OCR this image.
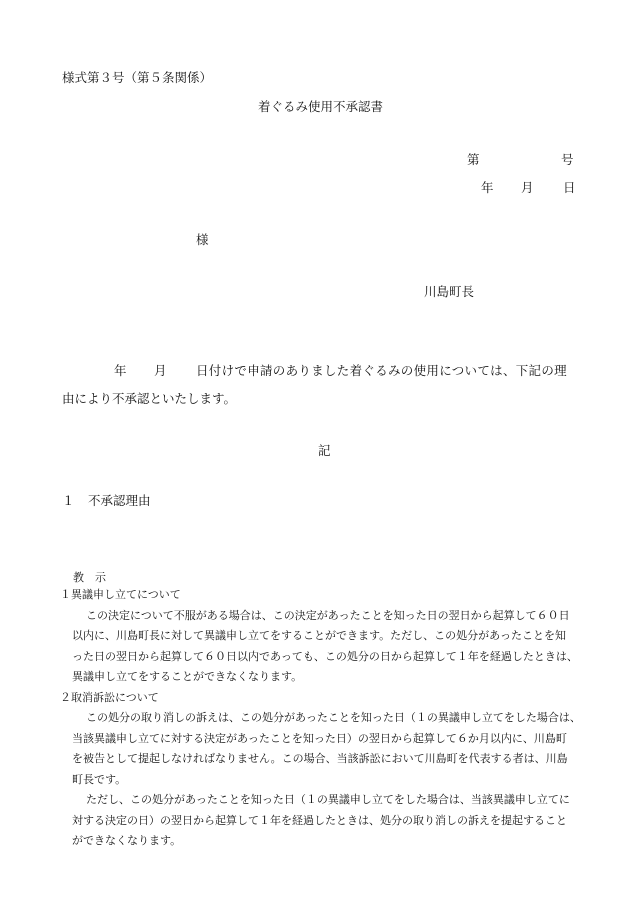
様式第３号（第５条関係）
着ぐるみ使用不承認書
第	号
年 月 日
様
川島町長
年 月 日付けで申請のありました着ぐるみの使用については、下記の理
由により不承認といたします。
記
１ 不承認理由
教　示
１異議申し立てについて
　この決定について不服がある場合は、この決定があったことを知った日の翌日から起算して６０日
以内に、川島町長に対して異議申し立てをすることができます。ただし、この処分があったことを知
った日の翌日から起算して６０日以内であっても、この処分の日から起算して１年を経過したときは、
異議申し立てをすることができなくなります。
２取消訴訟について
　この処分の取り消しの訴えは、この処分があったことを知った日（１の異議申し立てをした場合は、
当該異議申し立てに対する決定があったことを知った日）の翌日から起算して６か月以内に、川島町
を被告として提起しなければなりません。この場合、当該訴訟において川島町を代表する者は、川島
町長です。
　ただし、この処分があったことを知った日（１の異議申し立てをした場合は、当該異議申し立てに
対する決定の日）の翌日から起算して１年を経過したときは、処分の取り消しの訴えを提起すること
ができなくなります。
